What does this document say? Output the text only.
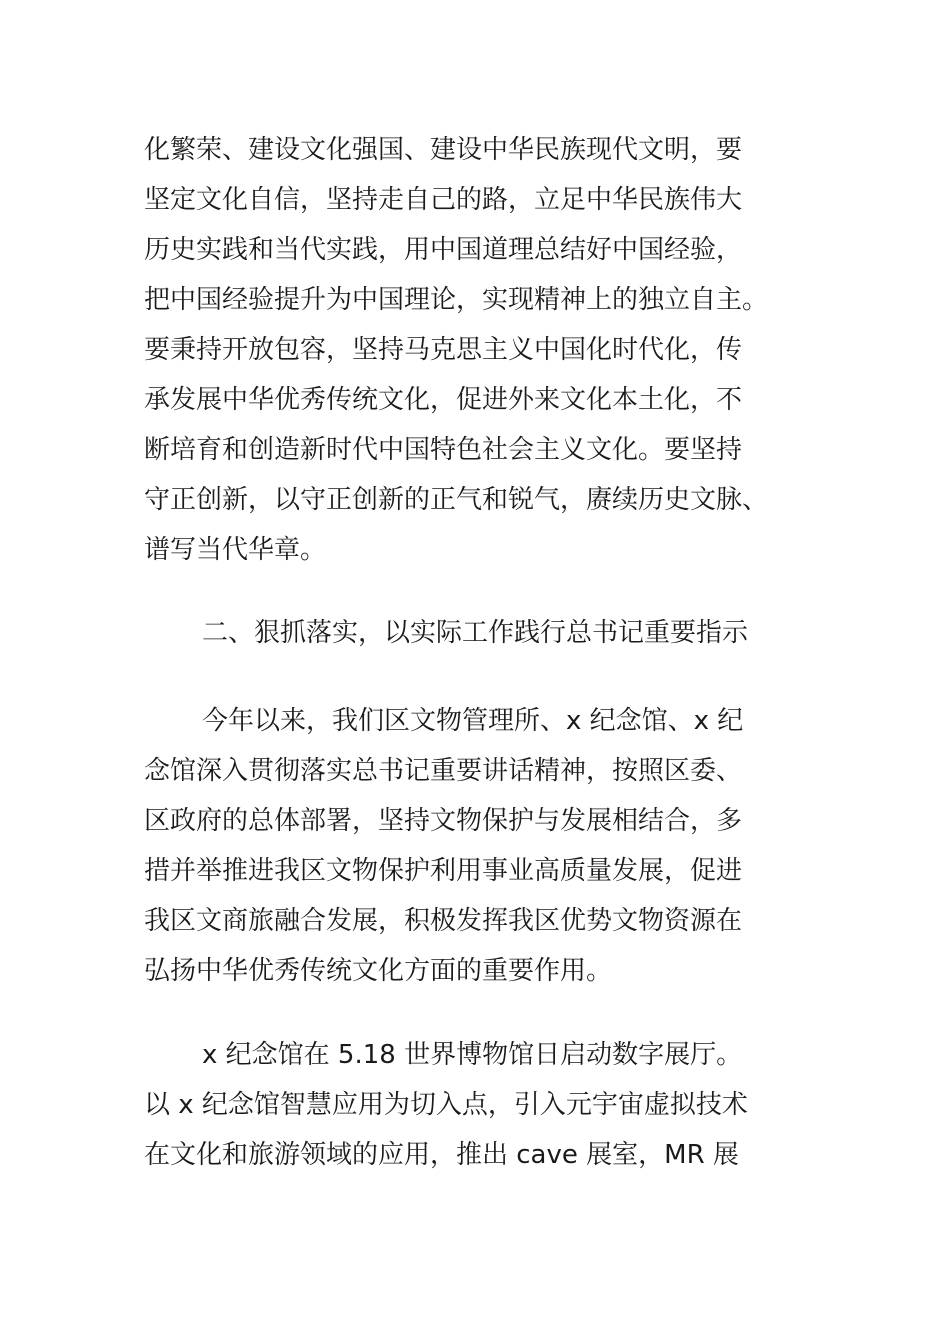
化繁荣、建设文化强国、建设中华民族现代文明，要
坚定文化自信，坚持走自己的路，立足中华民族伟大
历史实践和当代实践，用中国道理总结好中国经验，
把中国经验提升为中国理论，实现精神上的独立自主。
要秉持开放包容，坚持马克思主义中国化时代化，传
承发展中华优秀传统文化，促进外来文化本土化，不
断培育和创造新时代中国特色社会主义文化。要坚持
守正创新，以守正创新的正气和锐气，赓续历史文脉、
谱写当代华章。
二、狠抓落实，以实际工作践行总书记重要指示
今年以来，我们区文物管理所、x 纪念馆、x 纪
念馆深入贯彻落实总书记重要讲话精神，按照区委、
区政府的总体部署，坚持文物保护与发展相结合，多
措并举推进我区文物保护利用事业高质量发展，促进
我区文商旅融合发展，积极发挥我区优势文物资源在
弘扬中华优秀传统文化方面的重要作用。
x 纪念馆在 5.18 世界博物馆日启动数字展厅。
以 x 纪念馆智慧应用为切入点，引入元宇宙虚拟技术
在文化和旅游领域的应用，推出 cave 展室，MR 展
